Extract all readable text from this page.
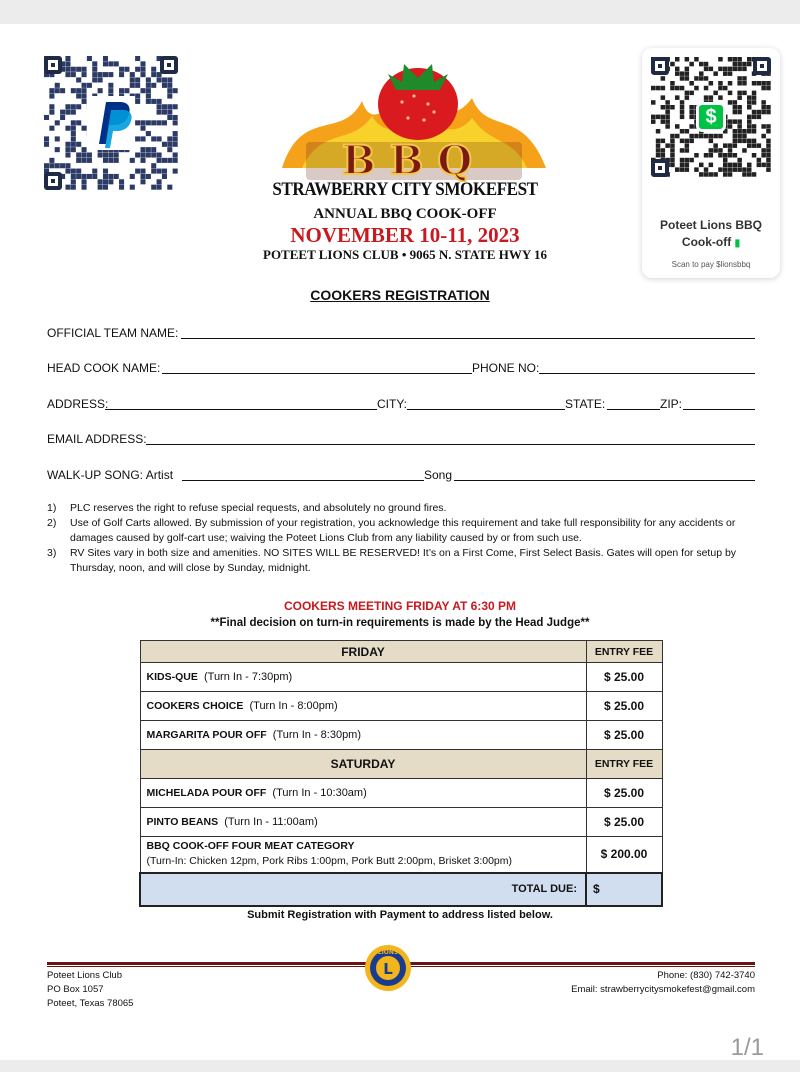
BBQ
STRAWBERRY CITY SMOKEFEST
ANNUAL BBQ COOK-OFF
NOVEMBER 10-11, 2023
POTEET LIONS CLUB • 9065 N. STATE HWY 16
$
Poteet Lions BBQ
Cook-off ▮
Scan to pay $lionsbbq
COOKERS REGISTRATION
OFFICIAL TEAM NAME:
HEAD COOK NAME:	PHONE NO:
ADDRESS:	CITY:	STATE:	ZIP:
EMAIL ADDRESS:
WALK-UP SONG: Artist	Song
1) PLC reserves the right to refuse special requests, and absolutely no ground fires.
2) Use of Golf Carts allowed. By submission of your registration, you acknowledge this requirement and take full responsibility for any accidents or damages caused by golf-cart use; waiving the Poteet Lions Club from any liability caused by or from such use.
3) RV Sites vary in both size and amenities. NO SITES WILL BE RESERVED! It’s on a First Come, First Select Basis. Gates will open for setup by Thursday, noon, and will close by Sunday, midnight.
COOKERS MEETING FRIDAY AT 6:30 PM
**Final decision on turn-in requirements is made by the Head Judge**
FRIDAY	ENTRY FEE
KIDS-QUE (Turn In - 7:30pm)	$ 25.00
COOKERS CHOICE (Turn In - 8:00pm)	$ 25.00
MARGARITA POUR OFF (Turn In - 8:30pm)	$ 25.00
SATURDAY	ENTRY FEE
MICHELADA POUR OFF (Turn In - 10:30am)	$ 25.00
PINTO BEANS (Turn In - 11:00am)	$ 25.00
BBQ COOK-OFF FOUR MEAT CATEGORY
(Turn-In: Chicken 12pm, Pork Ribs 1:00pm, Pork Butt 2:00pm, Brisket 3:00pm)	$ 200.00
TOTAL DUE:	$
Submit Registration with Payment to address listed below.
L
LIONS
Poteet Lions Club
PO Box 1057
Poteet, Texas 78065
Phone: (830) 742-3740
Email: strawberrycitysmokefest@gmail.com
1/1
